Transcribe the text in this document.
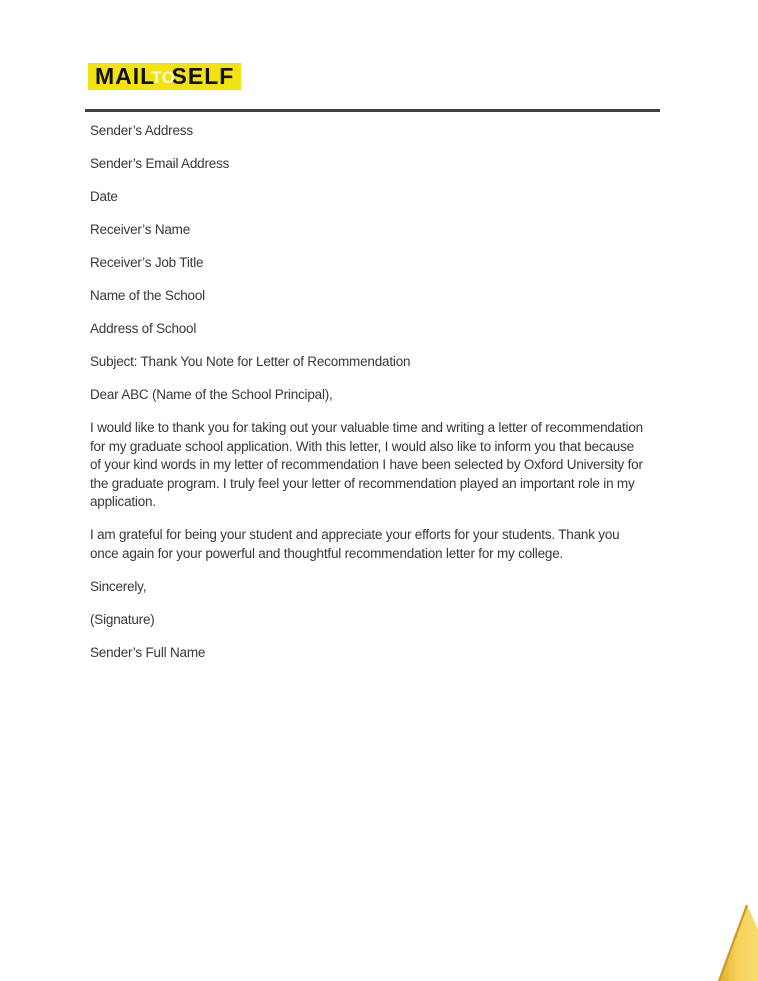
MAIL
TO
SELF

Sender’s Address

Sender’s Email Address

Date

Receiver’s Name

Receiver’s Job Title

Name of the School

Address of School

Subject: Thank You Note for Letter of Recommendation

Dear ABC (Name of the School Principal),

I would like to thank you for taking out your valuable time and writing a letter of recommendation
for my graduate school application. With this letter, I would also like to inform you that because
of your kind words in my letter of recommendation I have been selected by Oxford University for
the graduate program. I truly feel your letter of recommendation played an important role in my
application.
I am grateful for being your student and appreciate your efforts for your students. Thank you
once again for your powerful and thoughtful recommendation letter for my college.

Sincerely,

(Signature)

Sender’s Full Name
